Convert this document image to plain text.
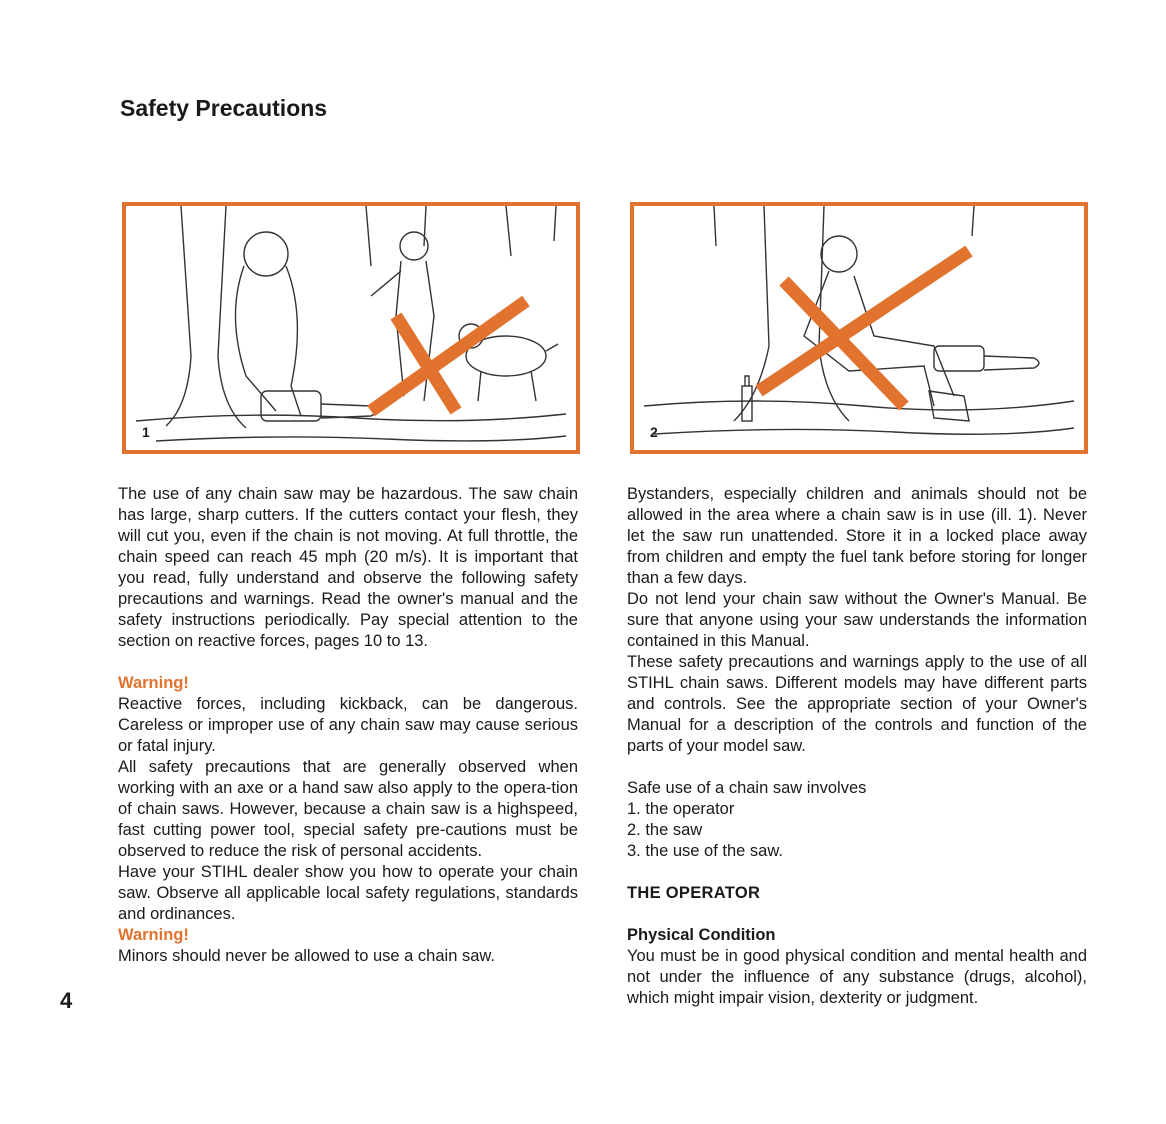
Safety Precautions
1	2

The use of any chain saw may be hazardous. The saw chain has large, sharp cutters. If the cutters contact your flesh, they will cut you, even if the chain is not moving. At full throttle, the chain speed can reach 45 mph (20 m/s). It is important that you read, fully understand and observe the following safety precautions and warnings. Read the owner's manual and the safety instructions periodically. Pay special attention to the section on reactive forces, pages 10 to 13.

Warning!

Reactive forces, including kickback, can be dangerous. Careless or improper use of any chain saw may cause serious or fatal injury.

All safety precautions that are generally observed when working with an axe or a hand saw also apply to the opera-tion of chain saws. However, because a chain saw is a highspeed, fast cutting power tool, special safety pre-cautions must be observed to reduce the risk of personal accidents.

Have your STIHL dealer show you how to operate your chain saw. Observe all applicable local safety regulations, standards and ordinances.

Warning!

Minors should never be allowed to use a chain saw.

Bystanders, especially children and animals should not be allowed in the area where a chain saw is in use (ill. 1). Never let the saw run unattended. Store it in a locked place away from children and empty the fuel tank before storing for longer than a few days.

Do not lend your chain saw without the Owner's Manual. Be sure that anyone using your saw understands the information contained in this Manual.

These safety precautions and warnings apply to the use of all STIHL chain saws. Different models may have different parts and controls. See the appropriate section of your Owner's Manual for a description of the controls and function of the parts of your model saw.

Safe use of a chain saw involves

1. the operator

2. the saw

3. the use of the saw.

THE OPERATOR

Physical Condition

You must be in good physical condition and mental health and not under the influence of any substance (drugs, alcohol), which might impair vision, dexterity or judgment.

4
